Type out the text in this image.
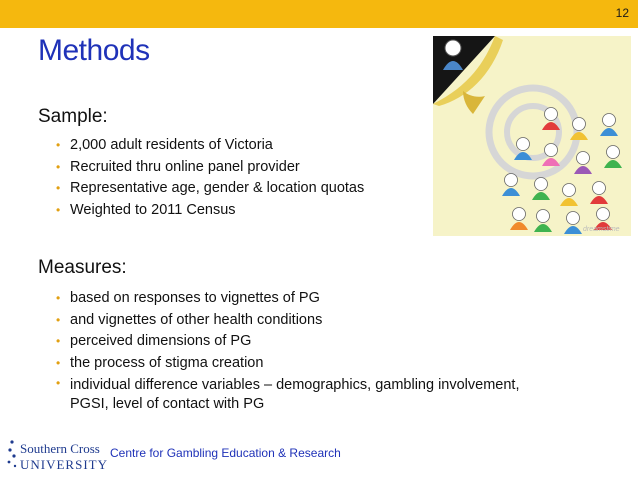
12
Methods
Sample:
• 2,000 adult residents of Victoria
• Recruited thru online panel provider
• Representative age, gender & location quotas
• Weighted to 2011 Census
Measures:
• based on responses to vignettes of PG
• and vignettes of other health conditions
• perceived dimensions of PG
• the process of stigma creation
• individual difference variables – demographics, gambling involvement, PGSI, level of contact with PG
dreamstime
Centre for Gambling Education & Research
Southern Cross
UNIVERSITY
